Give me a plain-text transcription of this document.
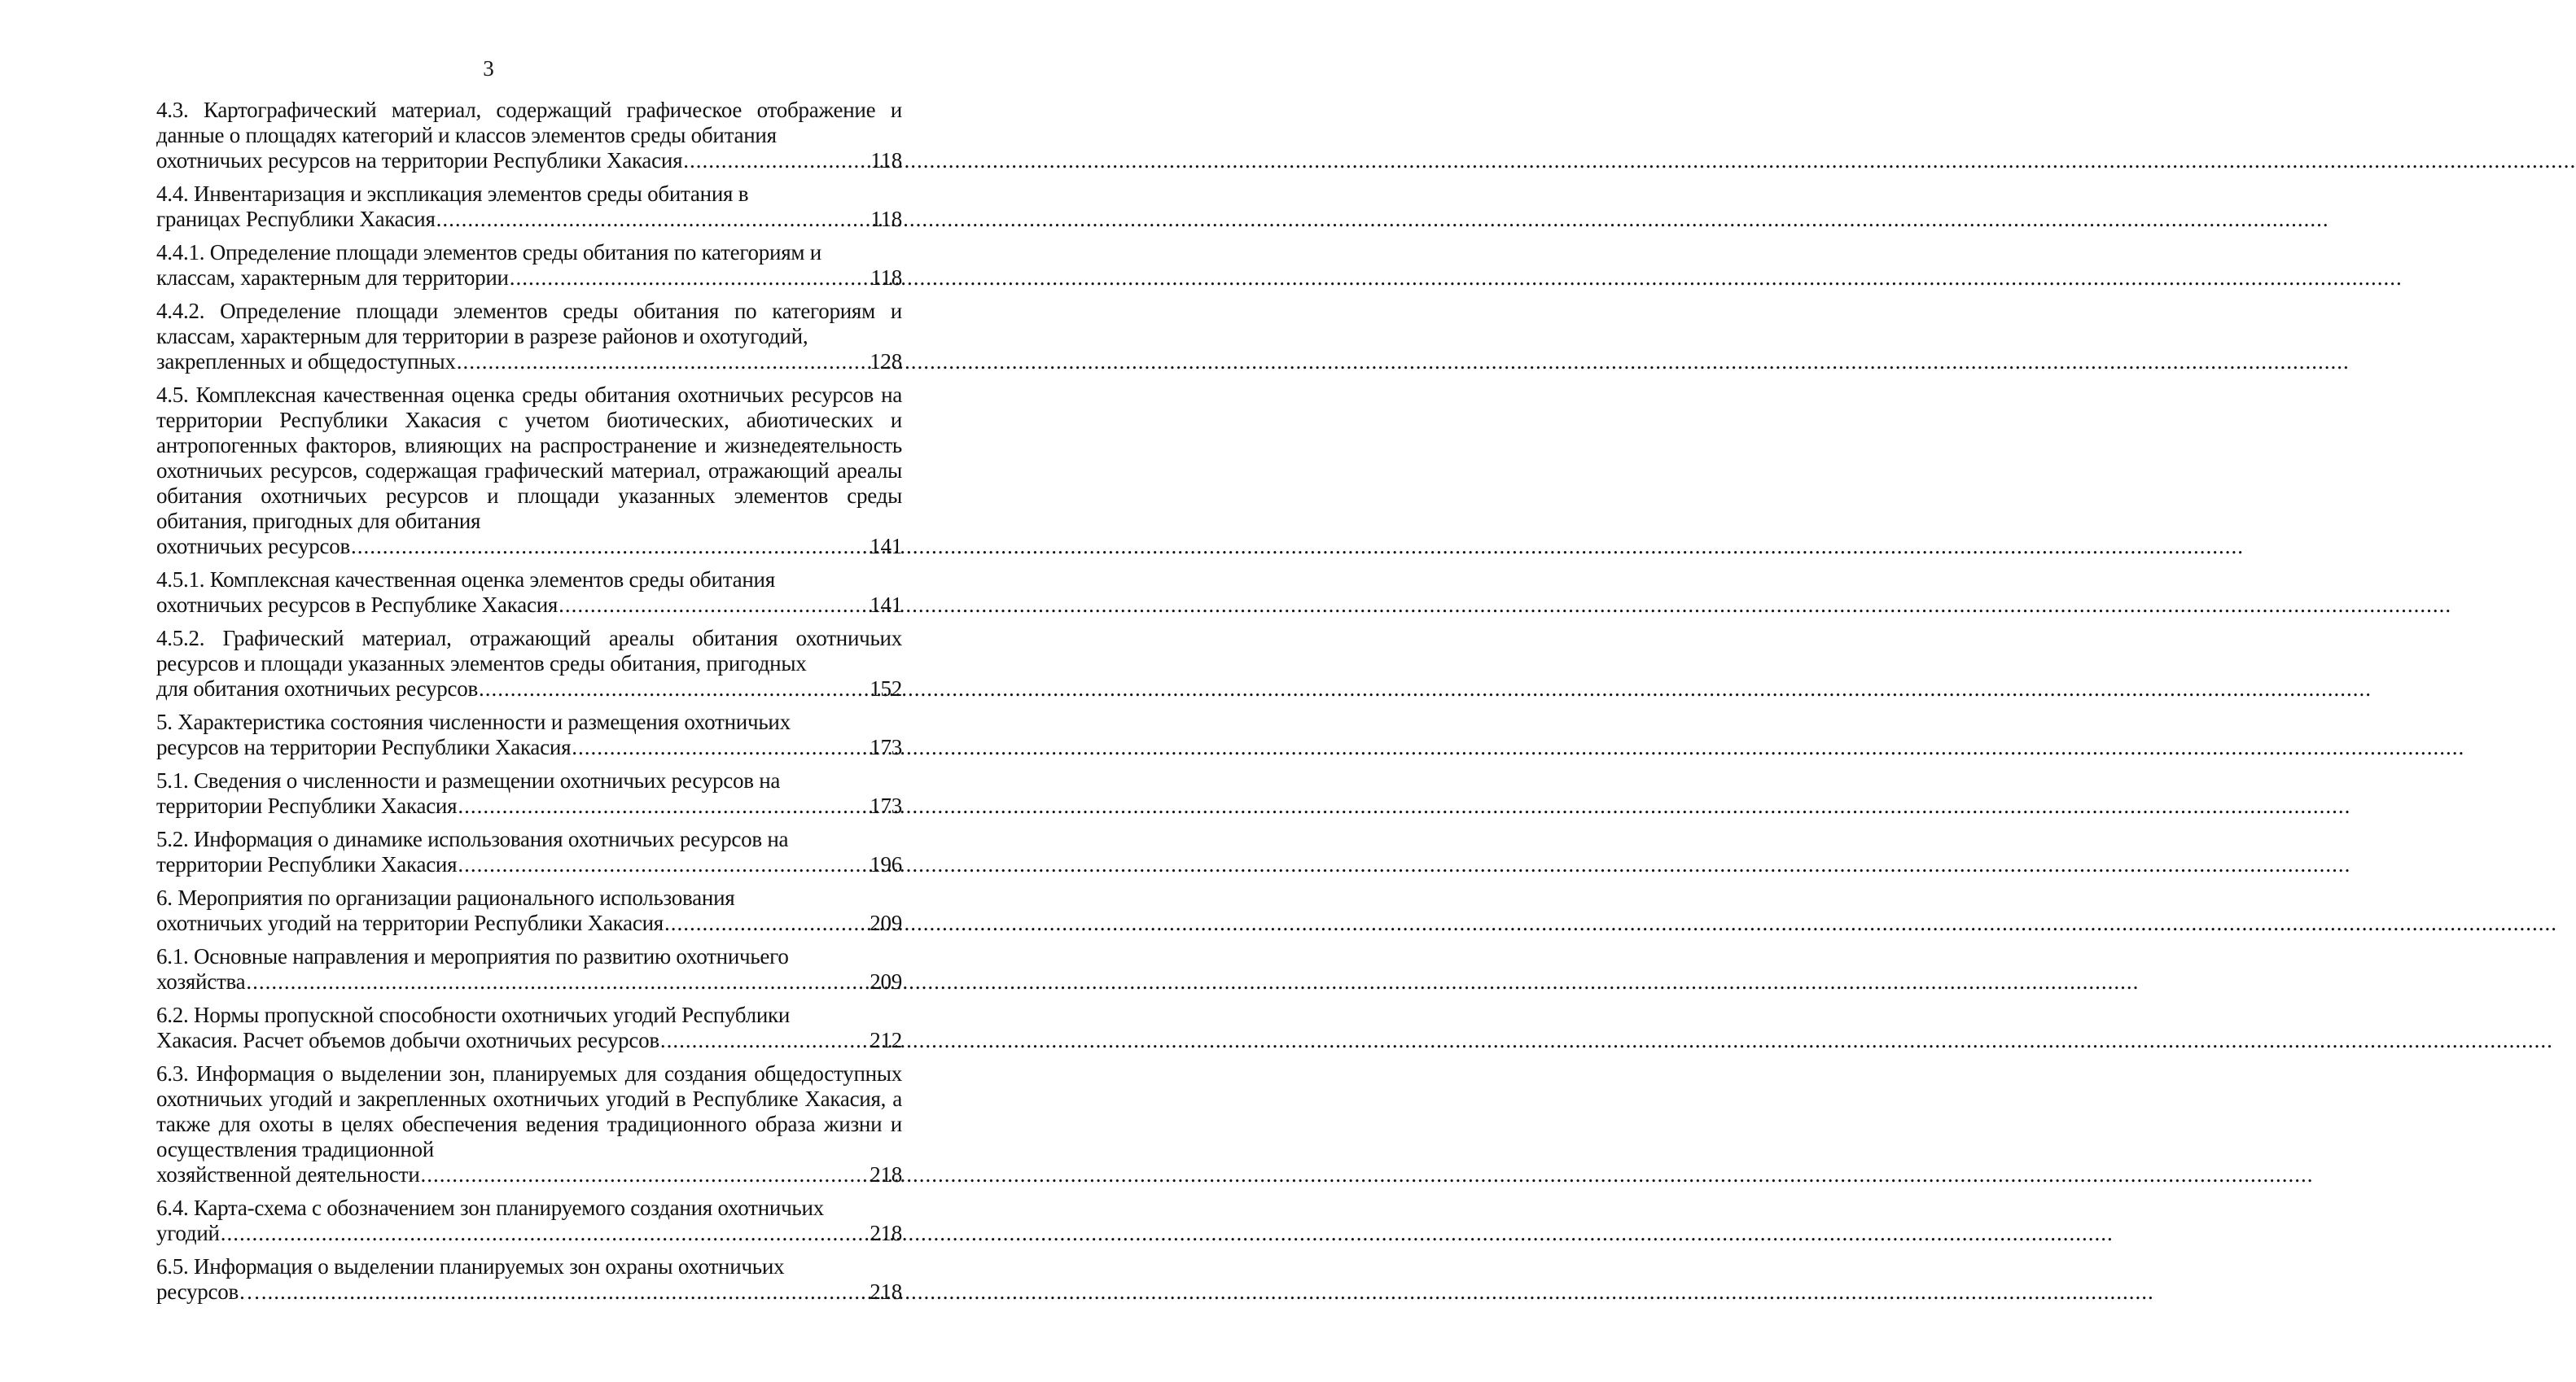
3
4.3. Картографический материал, содержащий графическое отображение и данные о площадях категорий и классов элементов среды обитания
охотничьих ресурсов на территории Республики Хакасия .....	118
4.4. Инвентаризация и экспликация элементов среды обитания в
границах Республики Хакасия .....	118
4.4.1. Определение площади элементов среды обитания по категориям и
классам, характерным для территории .....	118
4.4.2. Определение площади элементов среды обитания по категориям и классам, характерным для территории в разрезе районов и охотугодий,
закрепленных и общедоступных .....	128
4.5. Комплексная качественная оценка среды обитания охотничьих ресурсов на территории Республики Хакасия с учетом биотических, абиотических и антропогенных факторов, влияющих на распространение и жизнедеятельность охотничьих ресурсов, содержащая графический материал, отражающий ареалы обитания охотничьих ресурсов и площади указанных элементов среды обитания, пригодных для обитания
охотничьих ресурсов .....	141
4.5.1. Комплексная качественная оценка элементов среды обитания
охотничьих ресурсов в Республике Хакасия .....	141
4.5.2. Графический материал, отражающий ареалы обитания охотничьих ресурсов и площади указанных элементов среды обитания, пригодных
для обитания охотничьих ресурсов .....	152
5. Характеристика состояния численности и размещения охотничьих
ресурсов на территории Республики Хакасия .....	173
5.1. Сведения о численности и размещении охотничьих ресурсов на
территории Республики Хакасия .....	173
5.2. Информация о динамике использования охотничьих ресурсов на
территории Республики Хакасия .....	196
6. Мероприятия по организации рационального использования
охотничьих угодий на территории Республики Хакасия .....	209
6.1. Основные направления и мероприятия по развитию охотничьего
хозяйства .....	209
6.2. Нормы пропускной способности охотничьих угодий Республики
Хакасия. Расчет объемов добычи охотничьих ресурсов .....	212
6.3. Информация о выделении зон, планируемых для создания общедоступных охотничьих угодий и закрепленных охотничьих угодий в Республике Хакасия, а также для охоты в целях обеспечения ведения традиционного образа жизни и осуществления традиционной
хозяйственной деятельности .....	218
6.4. Карта-схема с обозначением зон планируемого создания охотничьих
угодий .....	218
6.5. Информация о выделении планируемых зон охраны охотничьих
ресурсов… .....	218
